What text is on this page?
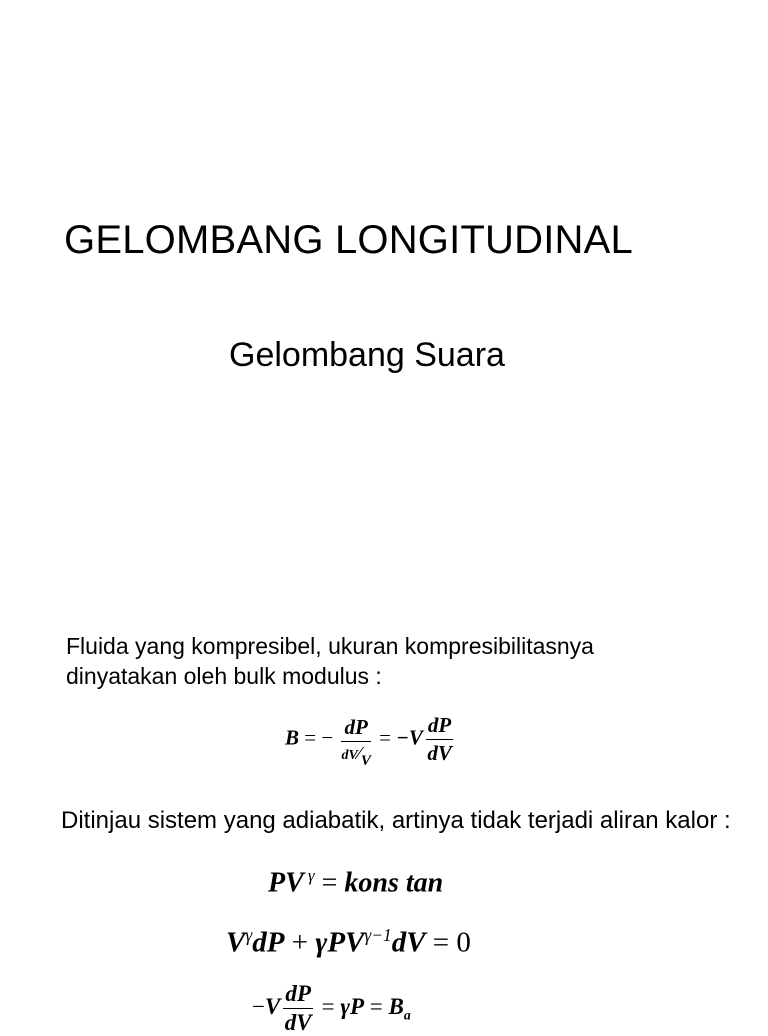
GELOMBANG LONGITUDINAL
Gelombang Suara
Fluida yang kompresibel, ukuran kompresibilitasnya dinyatakan oleh bulk modulus :
B = − $\frac{dP}{dV⁄V} = -V \frac{dP}{dV}$
Ditinjau sistem yang adiabatik, artinya tidak terjadi aliran kalor :
PV $^\gamma$ = kons tan
$V^\gamma dP + \gamma PV^{\gamma-1}dV = 0$
$-V \frac{dP}{dV} = \gamma P = B_a$
